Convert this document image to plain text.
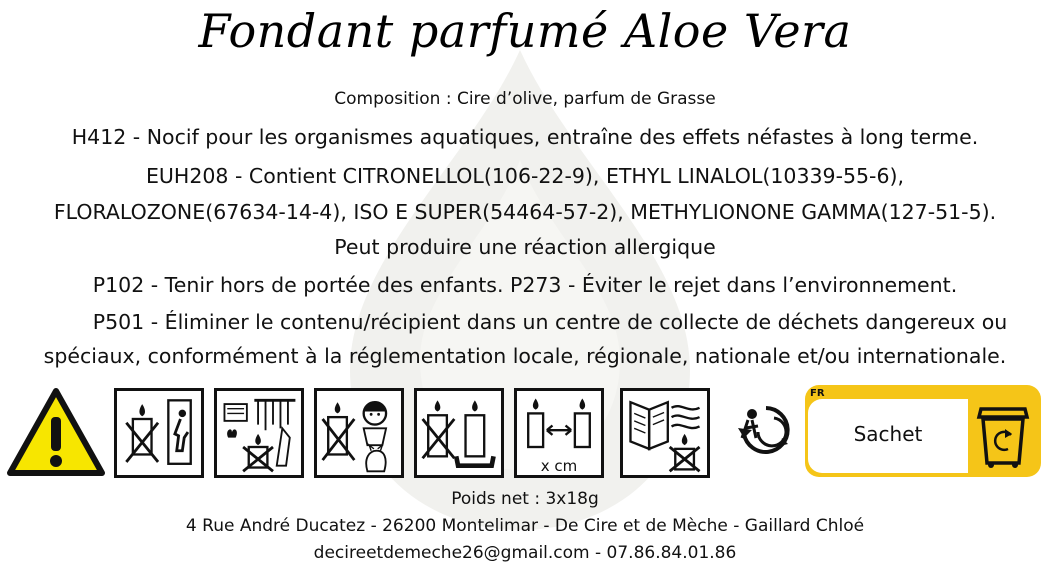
Fondant parfumé Aloe Vera
Composition : Cire d’olive, parfum de Grasse
H412 - Nocif pour les organismes aquatiques, entraîne des effets néfastes à long terme.
EUH208 - Contient CITRONELLOL(106-22-9), ETHYL LINALOL(10339-55-6),
FLORALOZONE(67634-14-4), ISO E SUPER(54464-57-2), METHYLIONONE GAMMA(127-51-5).
Peut produire une réaction allergique
P102 - Tenir hors de portée des enfants. P273 - Éviter le rejet dans l’environnement.
P501 - Éliminer le contenu/récipient dans un centre de collecte de déchets dangereux ou
spéciaux, conformément à la réglementation locale, régionale, nationale et/ou internationale.
x cm
FR
Sachet
Poids net : 3x18g
4 Rue André Ducatez - 26200 Montelimar - De Cire et de Mèche - Gaillard Chloé
decireetdemeche26@gmail.com - 07.86.84.01.86
